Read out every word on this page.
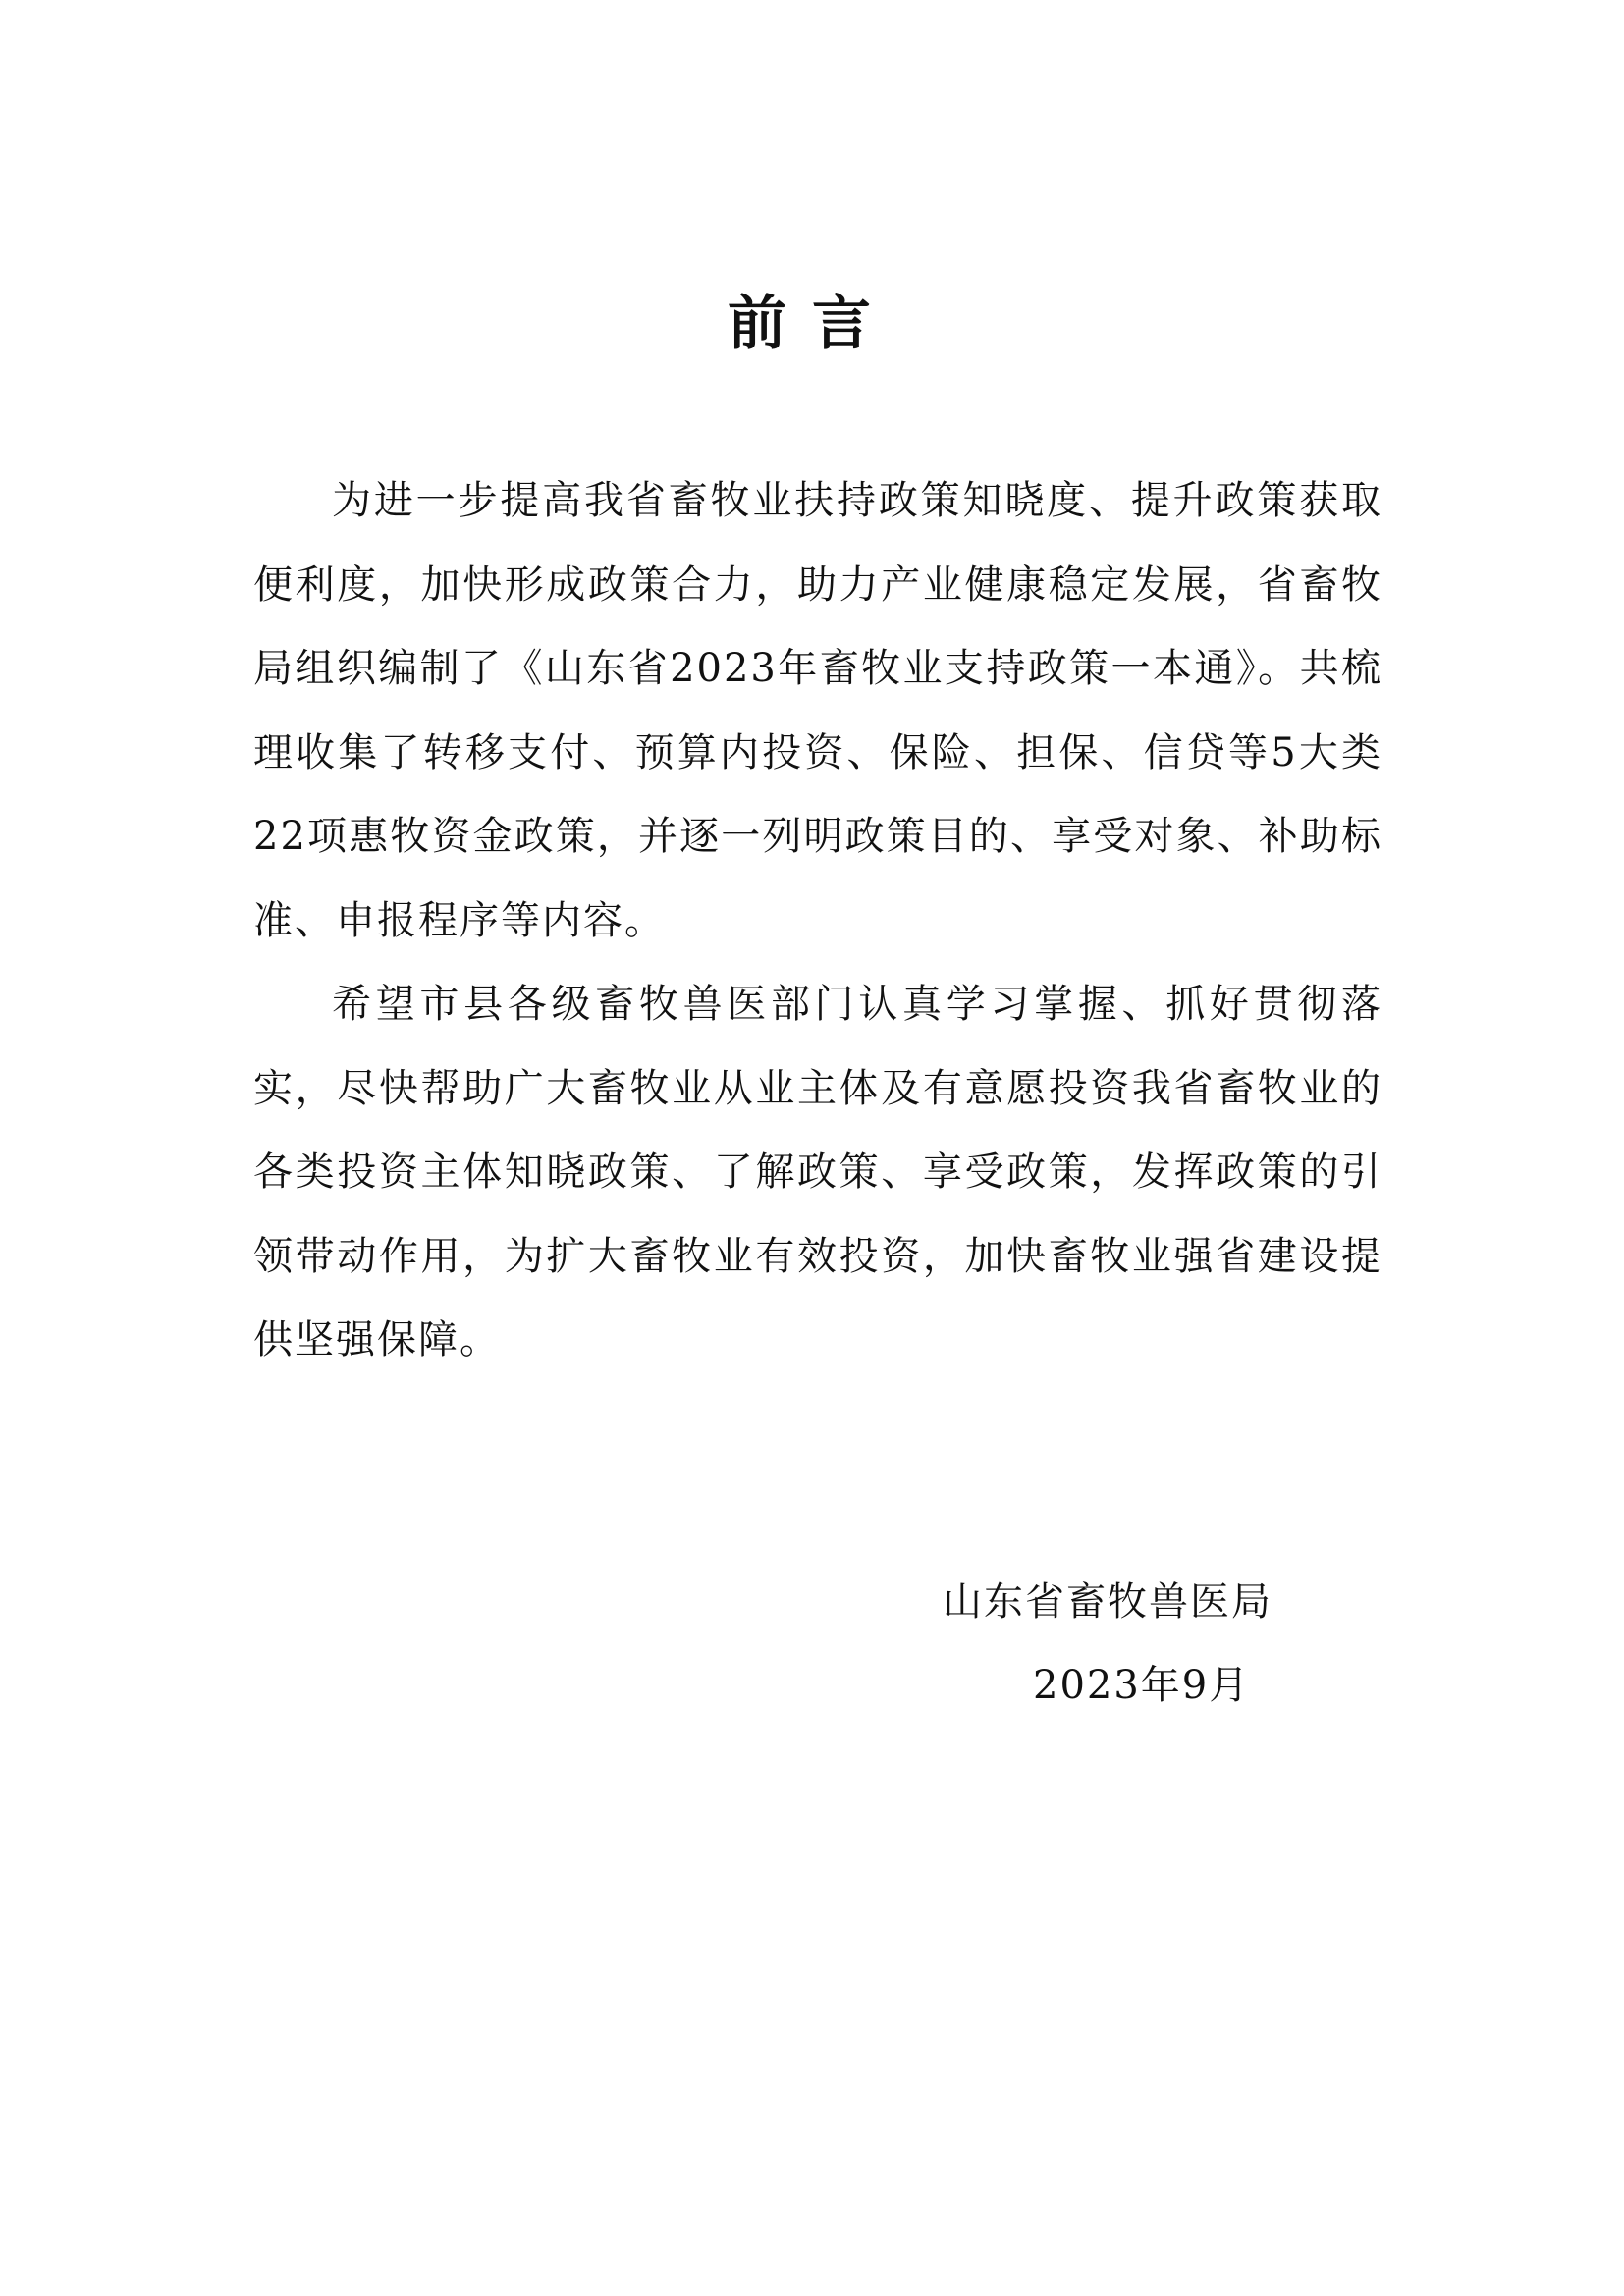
前言

为进一步提高我省畜牧业扶持政策知晓度、提升政策获取便利度，加快形成政策合力，助力产业健康稳定发展，省畜牧局组织编制了《山东省2023年畜牧业支持政策一本通》。共梳理收集了转移支付、预算内投资、保险、担保、信贷等5大类22项惠牧资金政策，并逐一列明政策目的、享受对象、补助标准、申报程序等内容。

希望市县各级畜牧兽医部门认真学习掌握、抓好贯彻落实，尽快帮助广大畜牧业从业主体及有意愿投资我省畜牧业的各类投资主体知晓政策、了解政策、享受政策，发挥政策的引领带动作用，为扩大畜牧业有效投资，加快畜牧业强省建设提供坚强保障。

山东省畜牧兽医局
2023年9月
